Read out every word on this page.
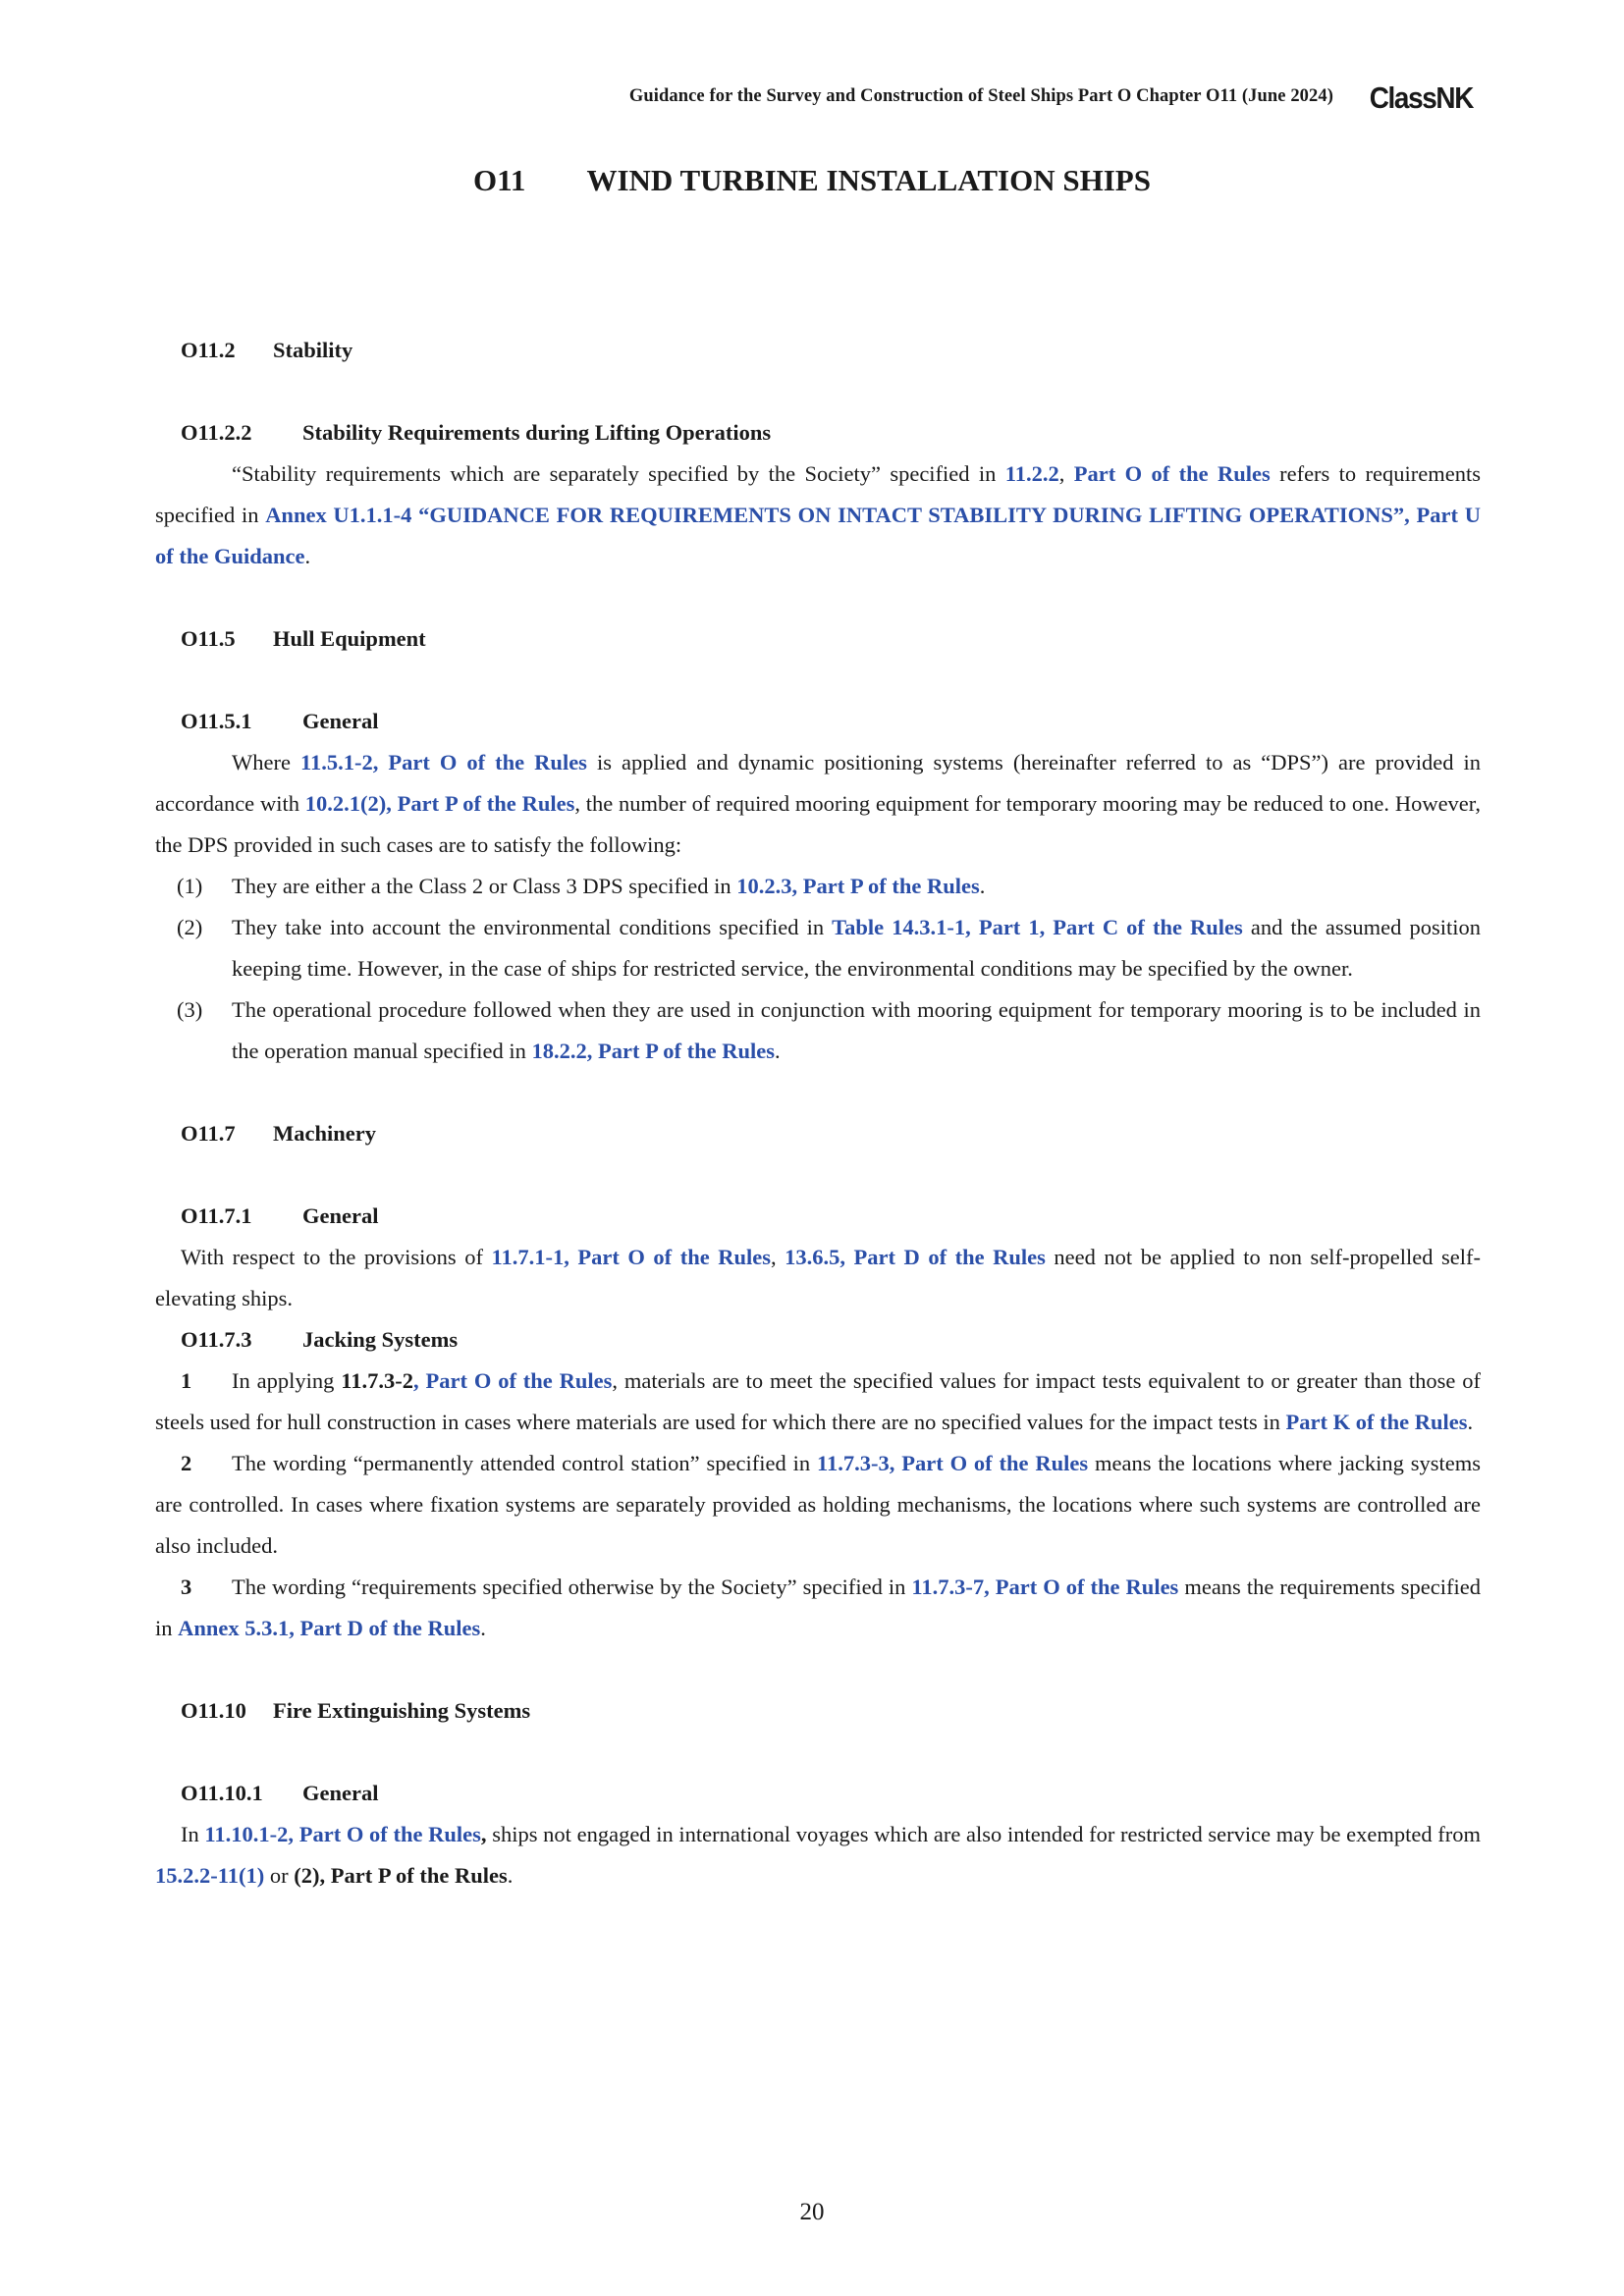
Guidance for the Survey and Construction of Steel Ships Part O Chapter O11 (June 2024) ClassNK
O11 WIND TURBINE INSTALLATION SHIPS
O11.2 Stability
O11.2.2 Stability Requirements during Lifting Operations
“Stability requirements which are separately specified by the Society” specified in 11.2.2, Part O of the Rules refers to requirements specified in Annex U1.1.1-4 “GUIDANCE FOR REQUIREMENTS ON INTACT STABILITY DURING LIFTING OPERATIONS”, Part U of the Guidance.
O11.5 Hull Equipment
O11.5.1 General
Where 11.5.1-2, Part O of the Rules is applied and dynamic positioning systems (hereinafter referred to as “DPS”) are provided in accordance with 10.2.1(2), Part P of the Rules, the number of required mooring equipment for temporary mooring may be reduced to one. However, the DPS provided in such cases are to satisfy the following:
(1) They are either a the Class 2 or Class 3 DPS specified in 10.2.3, Part P of the Rules.
(2) They take into account the environmental conditions specified in Table 14.3.1-1, Part 1, Part C of the Rules and the assumed position keeping time. However, in the case of ships for restricted service, the environmental conditions may be specified by the owner.
(3) The operational procedure followed when they are used in conjunction with mooring equipment for temporary mooring is to be included in the operation manual specified in 18.2.2, Part P of the Rules.
O11.7 Machinery
O11.7.1 General
With respect to the provisions of 11.7.1-1, Part O of the Rules, 13.6.5, Part D of the Rules need not be applied to non self-propelled self-elevating ships.
O11.7.3 Jacking Systems
1 In applying 11.7.3-2, Part O of the Rules, materials are to meet the specified values for impact tests equivalent to or greater than those of steels used for hull construction in cases where materials are used for which there are no specified values for the impact tests in Part K of the Rules.
2 The wording “permanently attended control station” specified in 11.7.3-3, Part O of the Rules means the locations where jacking systems are controlled. In cases where fixation systems are separately provided as holding mechanisms, the locations where such systems are controlled are also included.
3 The wording “requirements specified otherwise by the Society” specified in 11.7.3-7, Part O of the Rules means the requirements specified in Annex 5.3.1, Part D of the Rules.
O11.10 Fire Extinguishing Systems
O11.10.1 General
In 11.10.1-2, Part O of the Rules, ships not engaged in international voyages which are also intended for restricted service may be exempted from 15.2.2-11(1) or (2), Part P of the Rules.
20
